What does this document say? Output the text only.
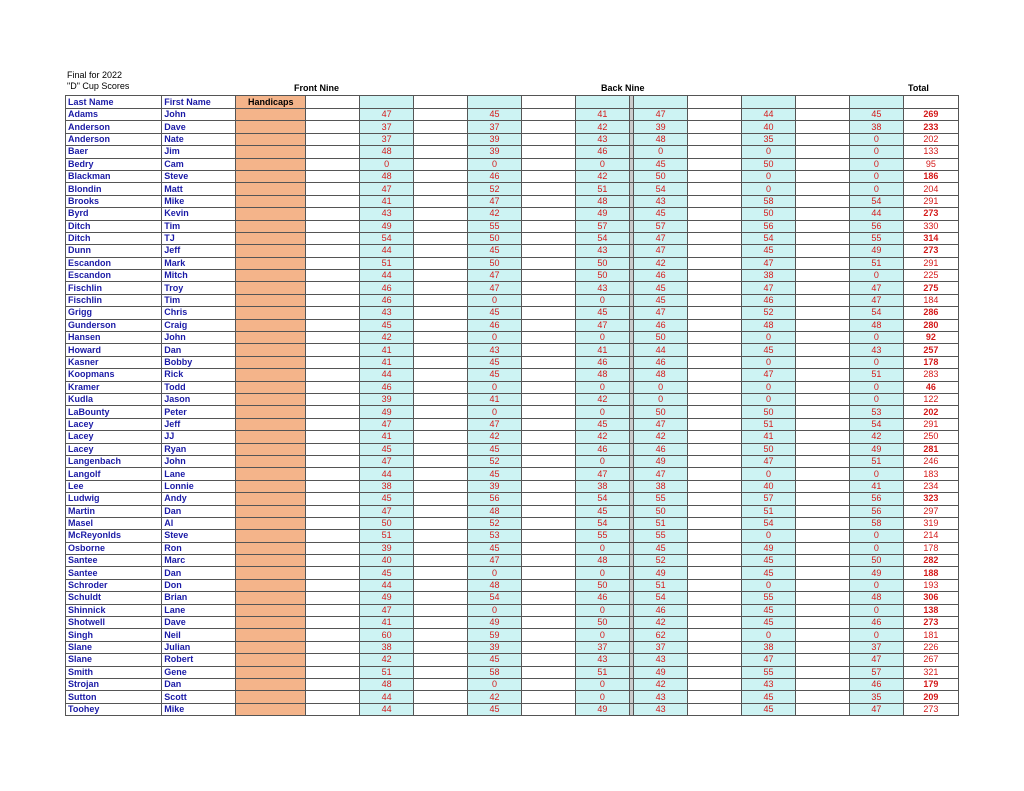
Final for 2022
"D" Cup Scores	Front Nine	Back Nine	Total
Last Name	First Name	Handicaps													
Adams	John			47		45		41		47		44		45	269
Anderson	Dave			37		37		42		39		40		38	233
Anderson	Nate			37		39		43		48		35		0	202
Baer	Jim			48		39		46		0		0		0	133
Bedry	Cam			0		0		0		45		50		0	95
Blackman	Steve			48		46		42		50		0		0	186
Blondin	Matt			47		52		51		54		0		0	204
Brooks	Mike			41		47		48		43		58		54	291
Byrd	Kevin			43		42		49		45		50		44	273
Ditch	Tim			49		55		57		57		56		56	330
Ditch	TJ			54		50		54		47		54		55	314
Dunn	Jeff			44		45		43		47		45		49	273
Escandon	Mark			51		50		50		42		47		51	291
Escandon	Mitch			44		47		50		46		38		0	225
Fischlin	Troy			46		47		43		45		47		47	275
Fischlin	Tim			46		0		0		45		46		47	184
Grigg	Chris			43		45		45		47		52		54	286
Gunderson	Craig			45		46		47		46		48		48	280
Hansen	John			42		0		0		50		0		0	92
Howard	Dan			41		43		41		44		45		43	257
Kasner	Bobby			41		45		46		46		0		0	178
Koopmans	Rick			44		45		48		48		47		51	283
Kramer	Todd			46		0		0		0		0		0	46
Kudla	Jason			39		41		42		0		0		0	122
LaBounty	Peter			49		0		0		50		50		53	202
Lacey	Jeff			47		47		45		47		51		54	291
Lacey	JJ			41		42		42		42		41		42	250
Lacey	Ryan			45		45		46		46		50		49	281
Langenbach	John			47		52		0		49		47		51	246
Langolf	Lane			44		45		47		47		0		0	183
Lee	Lonnie			38		39		38		38		40		41	234
Ludwig	Andy			45		56		54		55		57		56	323
Martin	Dan			47		48		45		50		51		56	297
Masel	Al			50		52		54		51		54		58	319
McReyonlds	Steve			51		53		55		55		0		0	214
Osborne	Ron			39		45		0		45		49		0	178
Santee	Marc			40		47		48		52		45		50	282
Santee	Dan			45		0		0		49		45		49	188
Schroder	Don			44		48		50		51		0		0	193
Schuldt	Brian			49		54		46		54		55		48	306
Shinnick	Lane			47		0		0		46		45		0	138
Shotwell	Dave			41		49		50		42		45		46	273
Singh	Neil			60		59		0		62		0		0	181
Slane	Julian			38		39		37		37		38		37	226
Slane	Robert			42		45		43		43		47		47	267
Smith	Gene			51		58		51		49		55		57	321
Strojan	Dan			48		0		0		42		43		46	179
Sutton	Scott			44		42		0		43		45		35	209
Toohey	Mike			44		45		49		43		45		47	273
